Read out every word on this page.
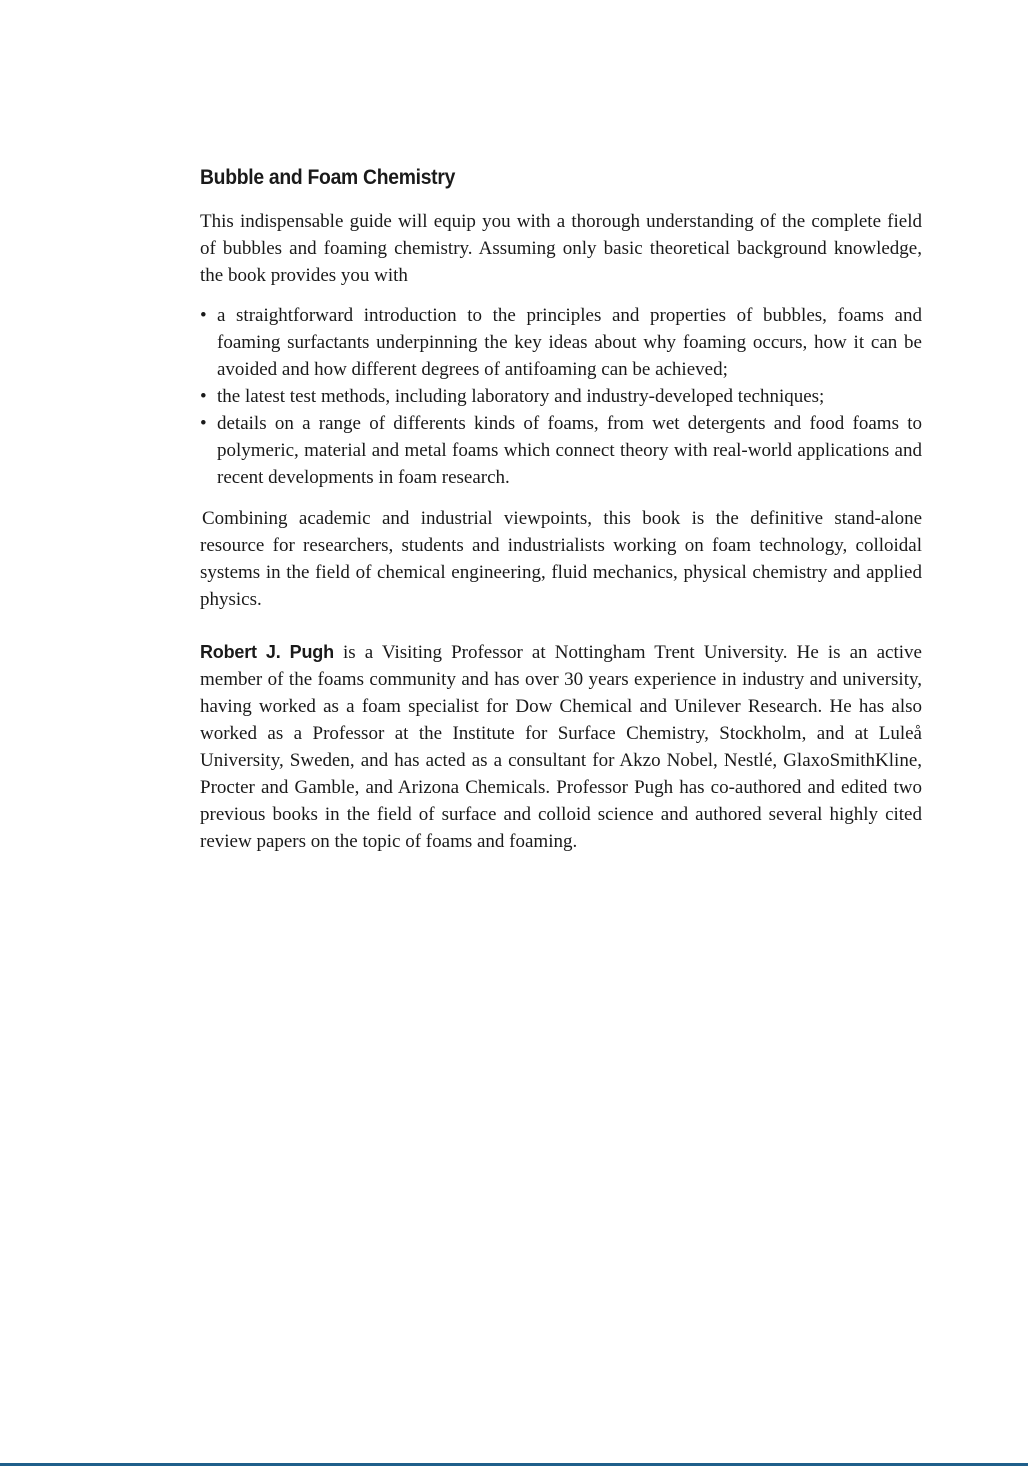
Bubble and Foam Chemistry

This indispensable guide will equip you with a thorough understanding of the complete field of bubbles and foaming chemistry. Assuming only basic theoretical background knowledge, the book provides you with

• a straightforward introduction to the principles and properties of bubbles, foams and foaming surfactants underpinning the key ideas about why foaming occurs, how it can be avoided and how different degrees of antifoaming can be achieved;
• the latest test methods, including laboratory and industry-developed techniques;
• details on a range of differents kinds of foams, from wet detergents and food foams to polymeric, material and metal foams which connect theory with real-world applications and recent developments in foam research.

Combining academic and industrial viewpoints, this book is the definitive stand-alone resource for researchers, students and industrialists working on foam technology, colloidal systems in the field of chemical engineering, fluid mechanics, physical chemistry and applied physics.

Robert J. Pugh is a Visiting Professor at Nottingham Trent University. He is an active member of the foams community and has over 30 years experience in industry and university, having worked as a foam specialist for Dow Chemical and Unilever Research. He has also worked as a Professor at the Institute for Surface Chemistry, Stockholm, and at Luleå University, Sweden, and has acted as a consultant for Akzo Nobel, Nestlé, GlaxoSmithKline, Procter and Gamble, and Arizona Chemicals. Professor Pugh has co-authored and edited two previous books in the field of surface and colloid science and authored several highly cited review papers on the topic of foams and foaming.
